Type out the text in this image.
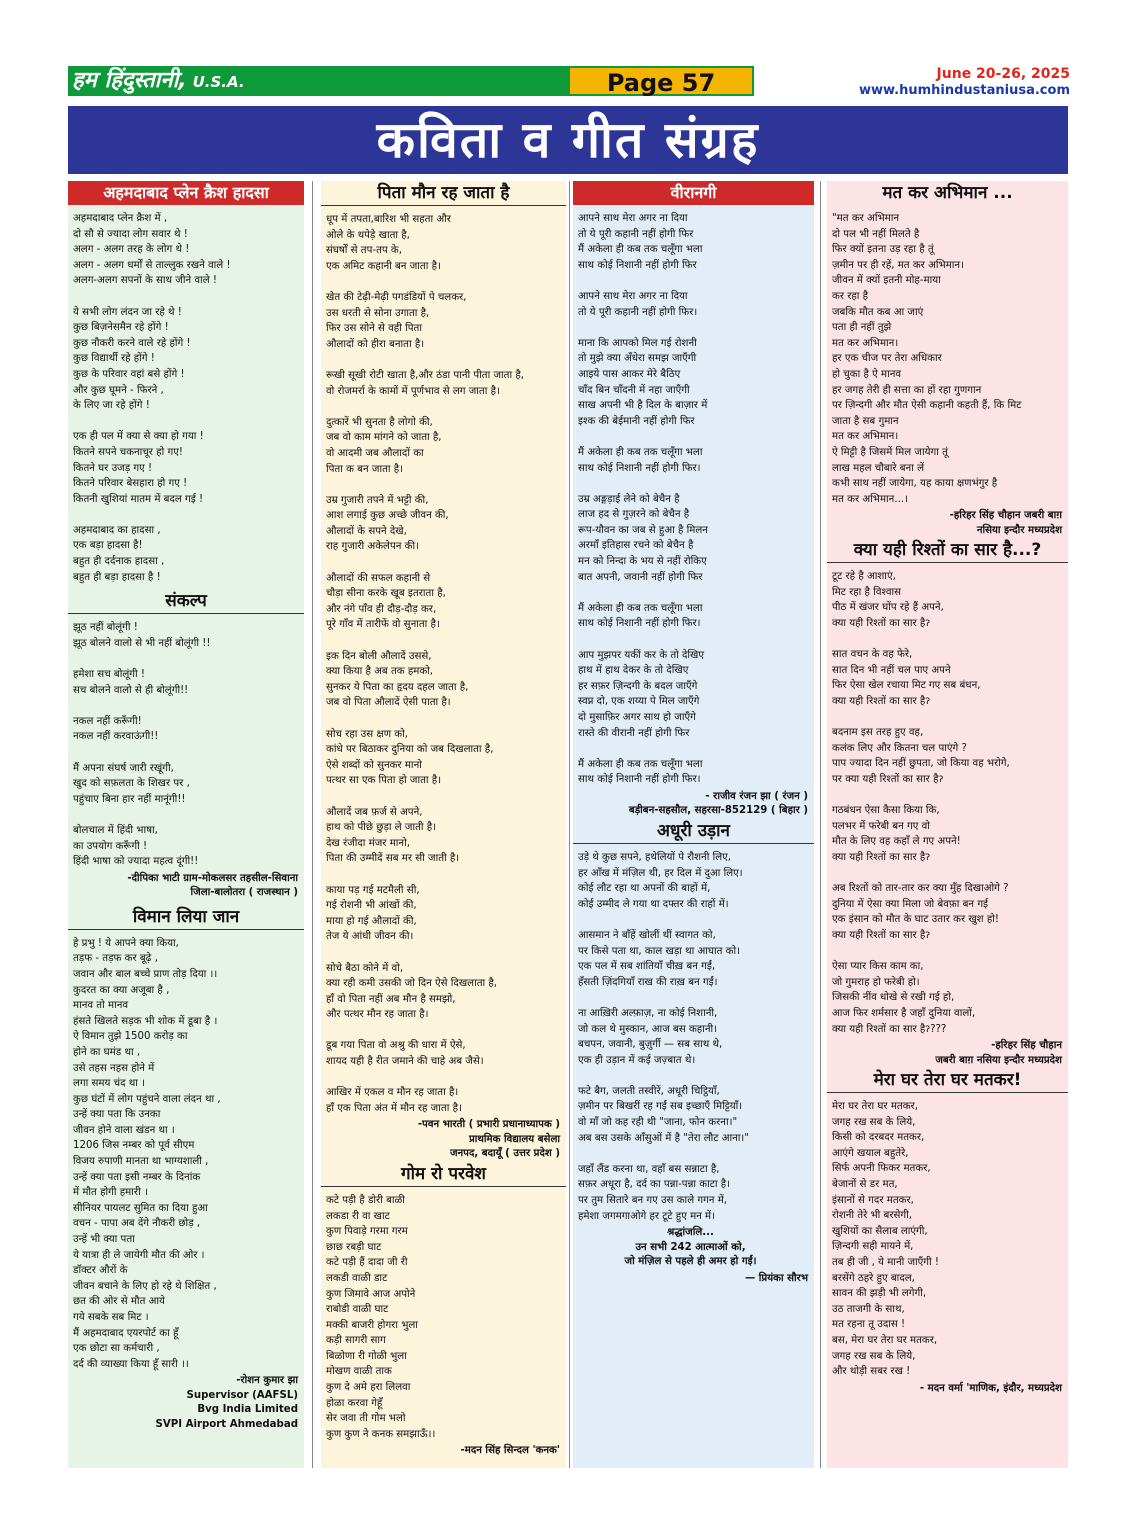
हम हिंदुस्तानी, U.S.A.	Page 57	June 20-26, 2025
www.humhindustaniusa.com
कविता व गीत संग्रह
अहमदाबाद प्लेन क्रैश हादसा
अहमदाबाद प्लेन क्रैश में ,
दो सौ से ज्यादा लोग सवार थे !
अलग - अलग तरह के लोग थे !
अलग - अलग धर्मों से ताल्लुक रखने वाले !
अलग-अलग सपनों के साथ जीने वाले !

ये सभी लोग लंदन जा रहे थे !
कुछ बिज़नेसमैन रहे होंगे !
कुछ नौकरी करने वाले रहे होंगे !
कुछ विद्यार्थी रहे होंगे !
कुछ के परिवार वहां बसे होंगे !
और कुछ घूमने - फिरने ,
के लिए जा रहे होंगे !

एक ही पल में क्या से क्या हो गया !
कितने सपने चकनाचूर हो गए!
कितने घर उजड़ गए !
कितने परिवार बेसहारा हो गए !
कितनी खुशियां मातम में बदल गई !

अहमदाबाद का हादसा ,
एक बड़ा हादसा है!
बहुत ही दर्दनाक हादसा ,
बहुत ही बड़ा हादसा है !
संकल्प
झूठ नहीं बोलूंगी !
झूठ बोलने वालो से भी नहीं बोलूंगी !!

हमेशा सच बोलूंगी !
सच बोलने वालो से ही बोलूंगी!!

नकल नहीं करूँगी!
नकल नहीं करवाऊंगी!!

मैं अपना संघर्ष जारी रखूंगी,
खुद को सफ़लता के शिखर पर ,
पहुंचाए बिना हार नहीं मानूंगी!!

बोलचाल में हिंदी भाषा,
का उपयोग करूँगी !
हिंदी भाषा को ज्यादा महत्व दूंगी!!
-दीपिका भाटी ग्राम-मोकलसर तहसील-सिवाना
जिला-बालोतरा ( राजस्थान )
विमान लिया जान
हे प्रभु ! ये आपने क्या किया,
तड़फ - तड़फ कर बूढ़े ,
जवान और बाल बच्चे प्राण तोड़ दिया ।।
कुदरत का क्या अजूबा है ,
मानव तो मानव
हंसते खिलते सड़क भी शोक में डूबा है ।
ऐ विमान तुझे 1500 करोड़ का
होने का घमंड था ,
उसे तहस नहस होने में
लगा समय चंद था ।
कुछ घंटों में लोग पहुंचने वाला लंदन था ,
उन्हें क्या पता कि उनका
जीवन होने वाला खंडन था ।
1206 जिस नम्बर को पूर्व सीएम
विजय रुपाणी मानता था भाग्यशाली ,
उन्हें क्या पता इसी नम्बर के दिनांक
में मौत होगी हमारी ।
सीनियर पायलट सुमित का दिया हुआ
वचन - पापा अब देंगे नौकरी छोड़ ,
उन्हें भी क्या पता
ये यात्रा ही ले जायेगी मौत की ओर ।
डॉक्टर औरों के
जीवन बचाने के लिए हो रहे थे शिक्षित ,
छत की ओर से मौत आये
गये सबके सब मिट ।
मैं अहमदाबाद एयरपोर्ट का हूँ
एक छोटा सा कर्मचारी ,
दर्द की व्याख्या किया हूँ सारी ।।
-रोशन कुमार झा
Supervisor (AAFSL)
Bvg India Limited
SVPI Airport Ahmedabad
पिता मौन रह जाता है
धूप में तपता,बारिश भी सहता और
ओले के थपेड़े खाता है,
संघर्षों से तप-तप के,
एक अमिट कहानी बन जाता है।

खेत की टेढ़ी-मेढ़ी पगडंडियों पे चलकर,
उस धरती से सोना उगाता है,
फिर उस सोने से वही पिता
औलादों को हीरा बनाता है।

रूखी सूखी रोटी खाता है,और ठंडा पानी पीता जाता है,
वो रोजमर्रा के कामों में पूर्णभाव से लग जाता है।

दुत्कारें भी सुनता है लोगो की,
जब वो काम मांगने को जाता है,
वो आदमी जब औलादों का
पिता क बन जाता है।

उम्र गुजारी तपने में भट्टी की,
आश लगाई कुछ अच्छे जीवन की,
औलादों के सपने देखे,
राह गुजारी अकेलेपन की।

औलादों की सफल कहानी से
चौड़ा सीना करके खूब इतराता है,
और नंगे पाँव ही दौड़-दौड़ कर,
पूरे गाँव में तारीफें वो सुनाता है।

इक दिन बोली औलादें उससे,
क्या किया है अब तक हमको,
सुनकर ये पिता का हृदय दहल जाता है,
जब वो पिता औलादें ऐसी पाता है।

सोच रहा उस क्षण को,
कांधे पर बिठाकर दुनिया को जब दिखलाता है,
ऐसे शब्दों को सुनकर मानो
पत्थर सा एक पिता हो जाता है।

औलादें जब फ़र्ज से अपने,
हाथ को पीछे छुड़ा ले जाती है।
देख रंजीदा मंजर मानो,
पिता की उम्मीदें सब मर सी जाती है।

काया पड़ गई मटमैली सी,
गई रोशनी भी आंखों की,
माया हो गई औलादों की,
तेज ये आंधी जीवन की।

सोचे बैठा कोने में वो,
क्या रही कमी उसकी जो दिन ऐसे दिखलाता है,
हाँ वो पिता नहीं अब मौन है समझो,
और पत्थर मौन रह जाता है।

डूब गया पिता वो अश्रु की धारा में ऐसे,
शायद यही है रीत जमाने की चाहे अब जैसे।

आखिर में एकल व मौन रह जाता है।
हाँ एक पिता अंत में मौन रह जाता है।
-पवन भारती ( प्रभारी प्रधानाध्यापक )
प्राथमिक विद्यालय बसेला
जनपद, बदायूँ ( उत्तर प्रदेश )
गोम रो परवेश
कटे पड़ी है डोरी बाळी
लकडा री वा खाट
कुण पिवाड़े गरमा गरम
छाछ रबड़ी घाट
कटे पड़ी हैं दादा जी री
लकडी वाळी डाट
कुण जिमावे आज अपोने
राबोडी वाळी घाट
मक्की बाजरी होगरा भुला
कड़ी सागरी साग
बिळोणा री गोळी भुला
मोखण वाळी ताक
कुण दे अमे हरा लिलवा
होळा करवा गेहूँ
सेर जवा ती गोम भलो
कुण कुण ने कनक समझाऊँ।।
-मदन सिंह सिन्दल 'कनक'
वीरानगी
आपने साथ मेरा अगर ना दिया
तो ये पूरी कहानी नहीं होगी फिर
मैं अकेला ही कब तक चलूँगा भला
साथ कोई निशानी नहीं होगी फिर

आपने साथ मेरा अगर ना दिया
तो ये पूरी कहानी नहीं होगी फिर।

माना कि आपको मिल गई रोशनी
तो मुझे क्या अँधेरा समझ जाएँगी
आइये पास आकर मेरे बैठिए
चाँद बिन चाँदनी में नहा जाएँगी
साख अपनी भी है दिल के बाज़ार में
इश्क की बेईमानी नहीं होगी फिर

मैं अकेला ही कब तक चलूँगा भला
साथ कोई निशानी नहीं होगी फिर।

उम्र अङ्गड़ाई लेने को बेचैन है
लाज हद से गुज़रने को बेचैन है
रूप-यौवन का जब से हुआ है मिलन
अरमाँ इतिहास रचने को बेचैन है
मन को निन्दा के भय से नहीं रोकिए
बात अपनी, जवानी नहीं होगी फिर

मैं अकेला ही कब तक चलूँगा भला
साथ कोई निशानी नहीं होगी फिर।

आप मुझपर यकीं कर के तो देखिए
हाथ में हाथ देकर के तो देखिए
हर सफ़र ज़िन्दगी के बदल जाएँगे
स्वप्न दो, एक शय्या पे मिल जाएँगे
दो मुसाफ़िर अगर साथ हो जाएँगे
रास्ते की वीरानी नहीं होगी फिर

मैं अकेला ही कब तक चलूँगा भला
साथ कोई निशानी नहीं होगी फिर।
- राजीव रंजन झा ( रंजन )
बड़ीबन-सहसौल, सहरसा-852129 ( बिहार )
अधूरी उड़ान
उड़े थे कुछ सपने, हथेलियों पे रौशनी लिए,
हर आँख में मंज़िल थी, हर दिल में दुआ लिए।
कोई लौट रहा था अपनों की बाहों में,
कोई उम्मीद ले गया था दफ्तर की राहों में।

आसमान ने बाँहें खोलीं थीं स्वागत को,
पर किसे पता था, काल खड़ा था आघात को।
एक पल में सब शांतियाँ चीख़ बन गईं,
हँसती ज़िंदगियाँ राख की राख़ बन गईं।

ना आख़िरी अल्फ़ाज़, ना कोई निशानी,
जो कल थे मुस्कान, आज बस कहानी।
बचपन, जवानी, बुज़ुर्गी — सब साथ थे,
एक ही उड़ान में कई जज़्बात थे।

फटे बैग, जलती तस्वीरें, अधूरी चिट्ठियाँ,
ज़मीन पर बिखरीं रह गईं सब इच्छाएँ मिट्टियाँ।
वो माँ जो कह रही थी "जाना, फोन करना।"
अब बस उसके आँसुओं में है "तेरा लौट आना।"

जहाँ लैंड करना था, वहाँ बस सन्नाटा है,
सफ़र अधूरा है, दर्द का पन्ना-पन्ना काटा है।
पर तुम सितारे बन गए उस काले गगन में,
हमेशा जगमगाओगे हर टूटे हुए मन में।
श्रद्धांजलि...
उन सभी 242 आत्माओं को,
जो मंज़िल से पहले ही अमर हो गईं।
— प्रियंका सौरभ
मत कर अभिमान ...
"मत कर अभिमान
दो पल भी नहीं मिलते है
फिर क्यों इतना उड़ रहा है तूं
ज़मीन पर ही रहें, मत कर अभिमान।
जीवन में क्यों इतनी मोह-माया
कर रहा है
जबकि मौत कब आ जाएं
पता ही नहीं तुझे
मत कर अभिमान।
हर एक चीज पर तेरा अधिकार
हो चुका है ऐ मानव
हर जगह तेरी ही सत्ता का हों रहा गुणगान
पर ज़िन्दगी और मौत ऐसी कहानी कहती हैं, कि मिट
जाता है सब गुमान
मत कर अभिमान।
ऐ मिट्टी है जिसमें मिल जायेगा तूं
लाख महल चौबारे बना लें
कभी साथ नहीं जायेगा, यह काया क्षणभंगुर है
मत कर अभिमान...।
-हरिहर सिंह चौहान जबरी बाग़
नसिया इन्दौर मध्यप्रदेश
क्या यही रिश्तों का सार है...?
टूट रहे है आशाएं,
मिट रहा है विश्वास
पीठ में खंजर घोंप रहे हैं अपने,
क्या यही रिश्तों का सार हैॽ

सात वचन के वह फेरे,
सात दिन भी नहीं चल पाए अपने
फिर ऐसा खेल रचाया मिट गए सब बंधन,
क्या यही रिश्तों का सार हैॽ

बदनाम इस तरह हुए वह,
कलंक लिए और कितना चल पाएंगे ?
पाप ज्यादा दिन नहीं छुपता, जो किया वह भरोगे,
पर क्या यही रिश्तों का सार हैॽ

गठबंधन ऐसा कैसा किया कि,
पलभर में फरेबी बन गए वो
मौत के लिए वह कहाँ ले गए अपने!
क्या यही रिश्तों का सार हैॽ

अब रिश्तों को तार-तार कर क्या मुँह दिखाओगे ?
दुनिया में ऐसा क्या मिला जो बेवफ़ा बन गई
एक इंसान को मौत के घाट उतार कर खुश हो!
क्या यही रिश्तों का सार हैॽ

ऐसा प्यार किस काम का,
जो गुमराह हो फरेबी हो।
जिसकी नींव धोखे से रखी गई हो,
आज फिर शर्मसार है जहाँ दुनिया वालों,
क्या यही रिश्तों का सार हैॽ???
-हरिहर सिंह चौहान
जबरी बाग़ नसिया इन्दौर मध्यप्रदेश
मेरा घर तेरा घर मतकर!
मेरा घर तेरा घर मतकर,
जगह रख सब के लिये,
किसी को दरबदर मतकर,
आएंगे खयाल बहुतेरे,
सिर्फ अपनी फिकर मतकर,
बेजानों से डर मत,
इंसानों से गदर मतकर,
रोशनी तेरे भी बरसेगी,
खुशियों का सैलाब लाएंगी,
ज़िन्दगी सही मायने में,
तब ही जी , ये मानी जाएँगी !
बरसेंगे ठहरे हुए बादल,
सावन की झड़ी भी लगेगी,
उठ ताजगी के साथ,
मत रहना तू उदास !
बस, मेरा घर तेरा घर मतकर,
जगह रख सब के लिये,
और थोड़ी सबर रख !
- मदन वर्मा 'माणिक, इंदौर, मध्यप्रदेश
